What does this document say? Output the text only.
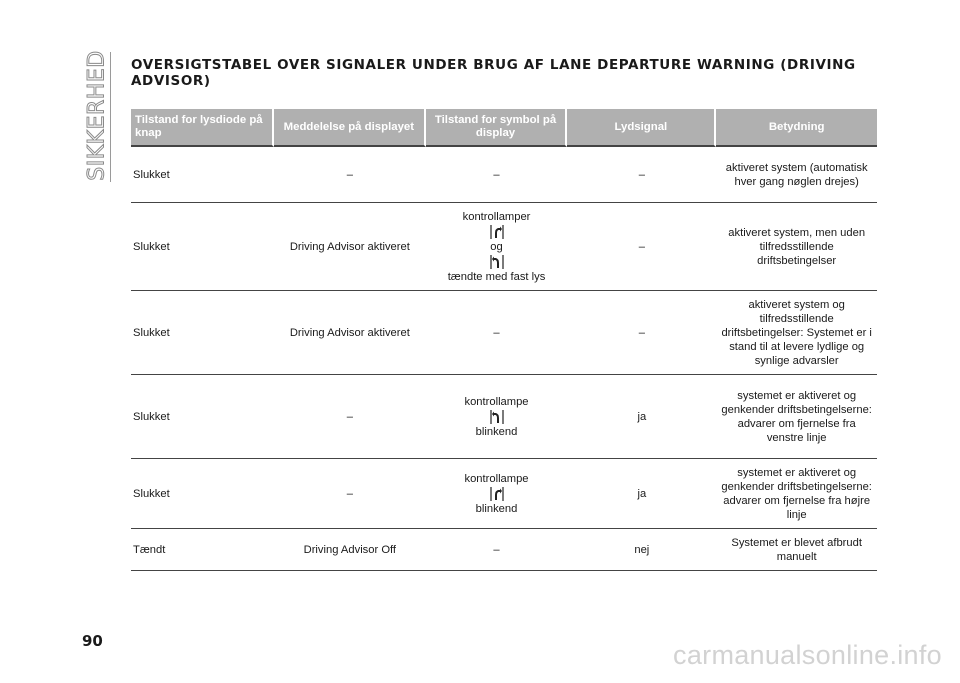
SIKKERHED OVERSIGTSTABEL OVER SIGNALER UNDER BRUG AF LANE DEPARTURE WARNING (DRIVING ADVISOR)
Tilstand for lysdiode på knap	Meddelelse på displayet	Tilstand for symbol på display	Lydsignal	Betydning
Slukket	–	–	–	aktiveret system (automatisk hver gang nøglen drejes)
Slukket	Driving Advisor aktiveret	kontrollamper
og
tændte med fast lys	–	aktiveret system, men uden tilfredsstillende driftsbetingelser
Slukket	Driving Advisor aktiveret	–	–	aktiveret system og tilfredsstillende driftsbetingelser: Systemet er i stand til at levere lydlige og synlige advarsler
Slukket	–	kontrollampe
blinkend	ja	systemet er aktiveret og genkender driftsbetingelserne: advarer om fjernelse fra venstre linje
Slukket	–	kontrollampe
blinkend	ja	systemet er aktiveret og genkender driftsbetingelserne: advarer om fjernelse fra højre linje
Tændt	Driving Advisor Off	–	nej	Systemet er blevet afbrudt manuelt
90	carmanualsonline.info
